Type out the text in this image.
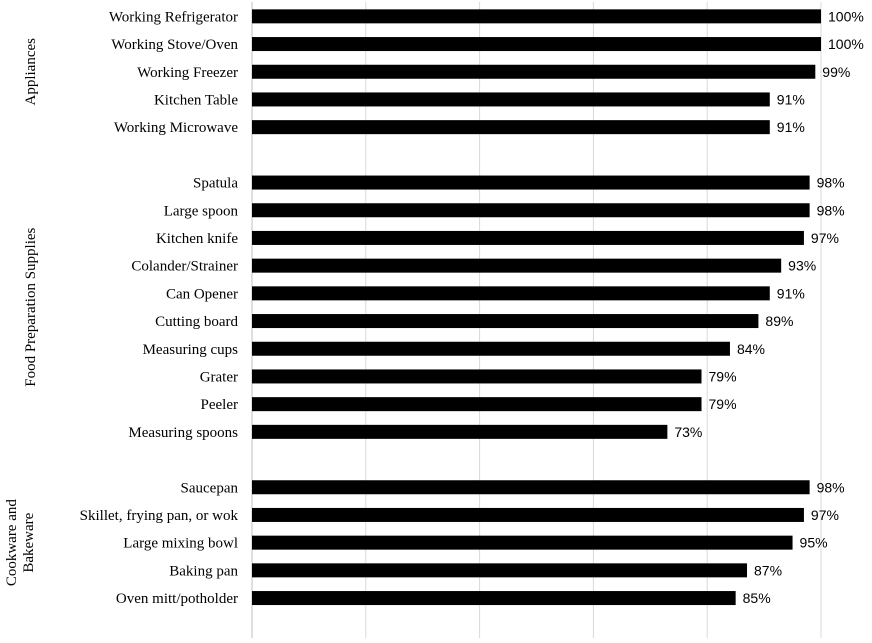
Working Refrigerator	100%
Working Stove/Oven	100%
Working Freezer	99%
Kitchen Table	91%
Working Microwave	91%
Appliances
Spatula	98%
Large spoon	98%
Kitchen knife	97%
Colander/Strainer	93%
Can Opener	91%
Cutting board	89%
Measuring cups	84%
Grater	79%
Peeler	79%
Measuring spoons	73%
Food Preparation Supplies
Saucepan	98%
Skillet, frying pan, or wok	97%
Large mixing bowl	95%
Baking pan	87%
Oven mitt/potholder	85%
Cookware andBakeware
